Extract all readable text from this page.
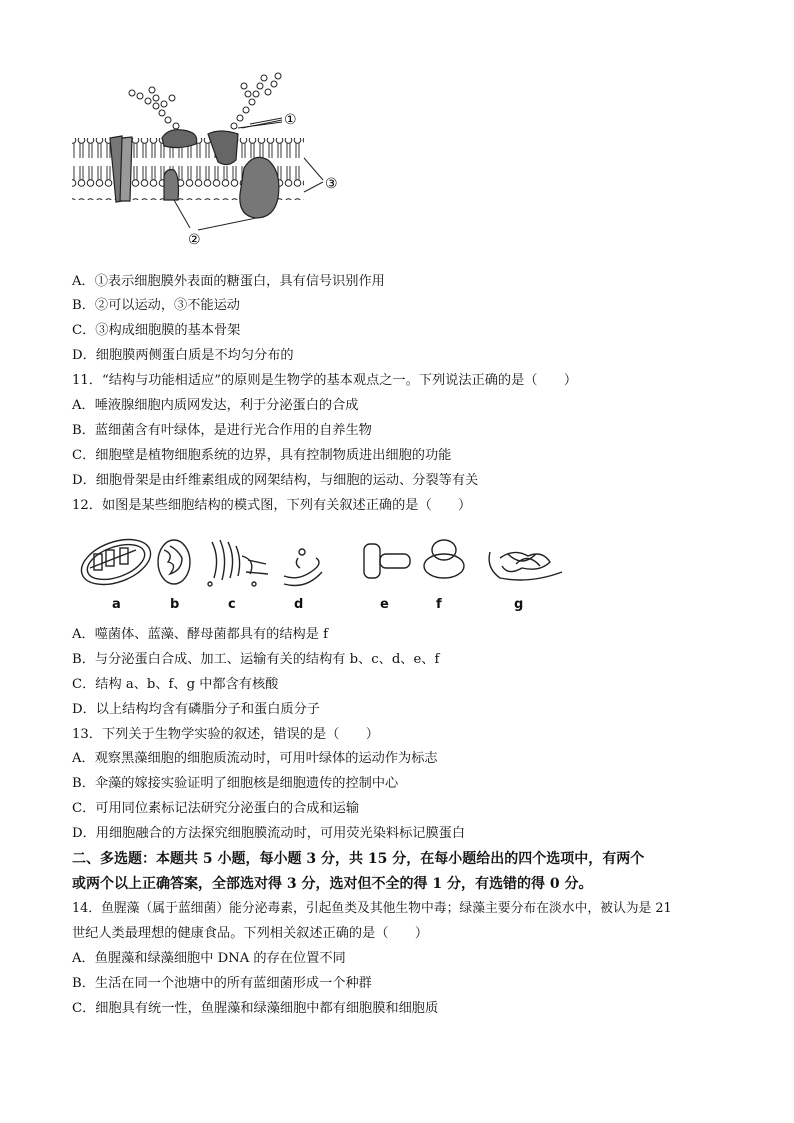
①
②
③
A．①表示细胞膜外表面的糖蛋白，具有信号识别作用
B．②可以运动，③不能运动
C．③构成细胞膜的基本骨架
D．细胞膜两侧蛋白质是不均匀分布的
11．“结构与功能相适应”的原则是生物学的基本观点之一。下列说法正确的是（　　）
A．唾液腺细胞内质网发达，利于分泌蛋白的合成
B．蓝细菌含有叶绿体，是进行光合作用的自养生物
C．细胞壁是植物细胞系统的边界，具有控制物质进出细胞的功能
D．细胞骨架是由纤维素组成的网架结构，与细胞的运动、分裂等有关
12．如图是某些细胞结构的模式图，下列有关叙述正确的是（　　）
a	b	c	d	e	f	g
A．噬菌体、蓝藻、酵母菌都具有的结构是 f
B．与分泌蛋白合成、加工、运输有关的结构有 b、c、d、e、f
C．结构 a、b、f、g 中都含有核酸
D．以上结构均含有磷脂分子和蛋白质分子
13．下列关于生物学实验的叙述，错误的是（　　）
A．观察黑藻细胞的细胞质流动时，可用叶绿体的运动作为标志
B．伞藻的嫁接实验证明了细胞核是细胞遗传的控制中心
C．可用同位素标记法研究分泌蛋白的合成和运输
D．用细胞融合的方法探究细胞膜流动时，可用荧光染料标记膜蛋白
二、多选题：本题共 5 小题，每小题 3 分，共 15 分，在每小题给出的四个选项中，有两个
或两个以上正确答案，全部选对得 3 分，选对但不全的得 1 分，有选错的得 0 分。
14．鱼腥藻（属于蓝细菌）能分泌毒素，引起鱼类及其他生物中毒；绿藻主要分布在淡水中，被认为是 21
世纪人类最理想的健康食品。下列相关叙述正确的是（　　）
A．鱼腥藻和绿藻细胞中 DNA 的存在位置不同
B．生活在同一个池塘中的所有蓝细菌形成一个种群
C．细胞具有统一性，鱼腥藻和绿藻细胞中都有细胞膜和细胞质
